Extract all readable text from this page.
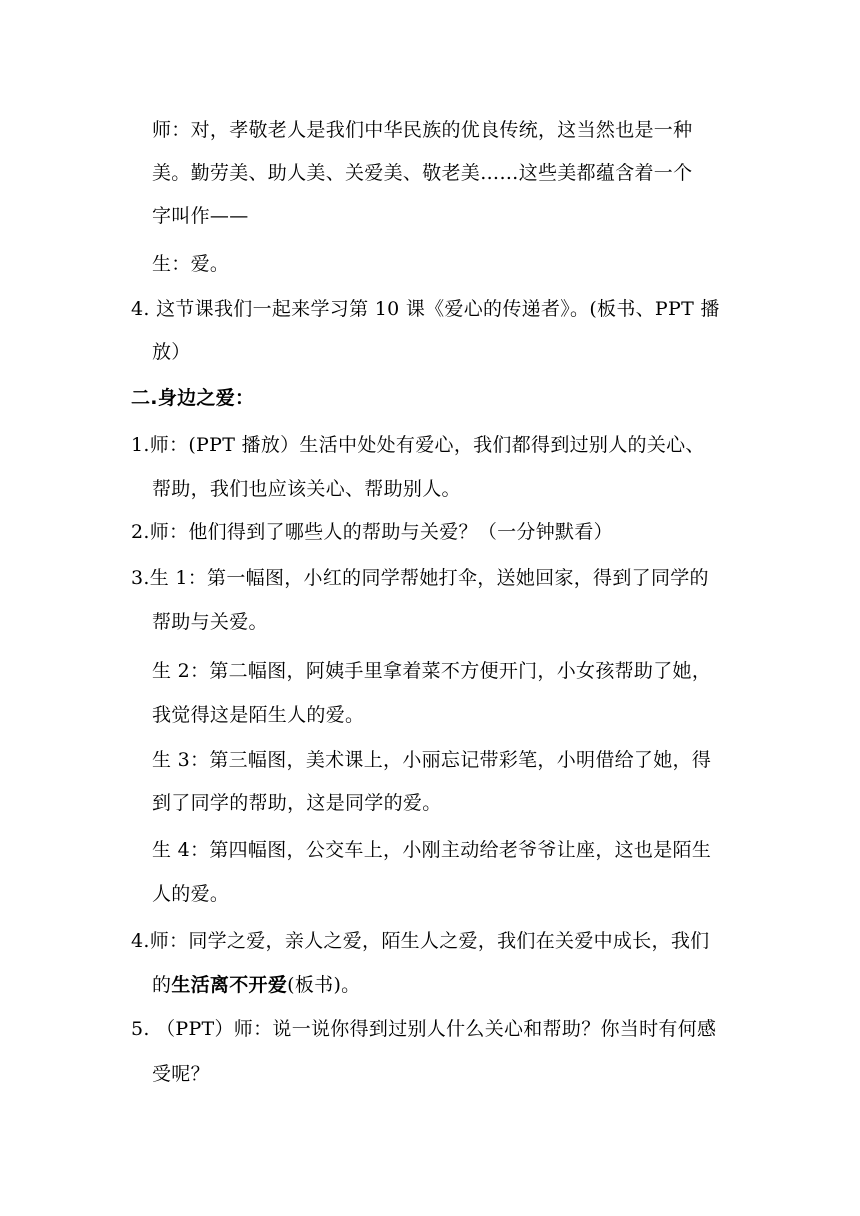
师：对，孝敬老人是我们中华民族的优良传统，这当然也是一种
美。勤劳美、助人美、关爱美、敬老美……这些美都蕴含着一个
字叫作——
生：爱。
4. 这节课我们一起来学习第 10 课《爱心的传递者》。(板书、PPT 播
放）
二.身边之爱：
1.师：(PPT 播放）生活中处处有爱心，我们都得到过别人的关心、
帮助，我们也应该关心、帮助别人。
2.师：他们得到了哪些人的帮助与关爱？（一分钟默看）
3.生 1：第一幅图，小红的同学帮她打伞，送她回家，得到了同学的
帮助与关爱。
生 2：第二幅图，阿姨手里拿着菜不方便开门，小女孩帮助了她，
我觉得这是陌生人的爱。
生 3：第三幅图，美术课上，小丽忘记带彩笔，小明借给了她，得
到了同学的帮助，这是同学的爱。
生 4：第四幅图，公交车上，小刚主动给老爷爷让座，这也是陌生
人的爱。
4.师：同学之爱，亲人之爱，陌生人之爱，我们在关爱中成长，我们
的生活离不开爱(板书)。
5. （PPT）师：说一说你得到过别人什么关心和帮助？你当时有何感
受呢？
